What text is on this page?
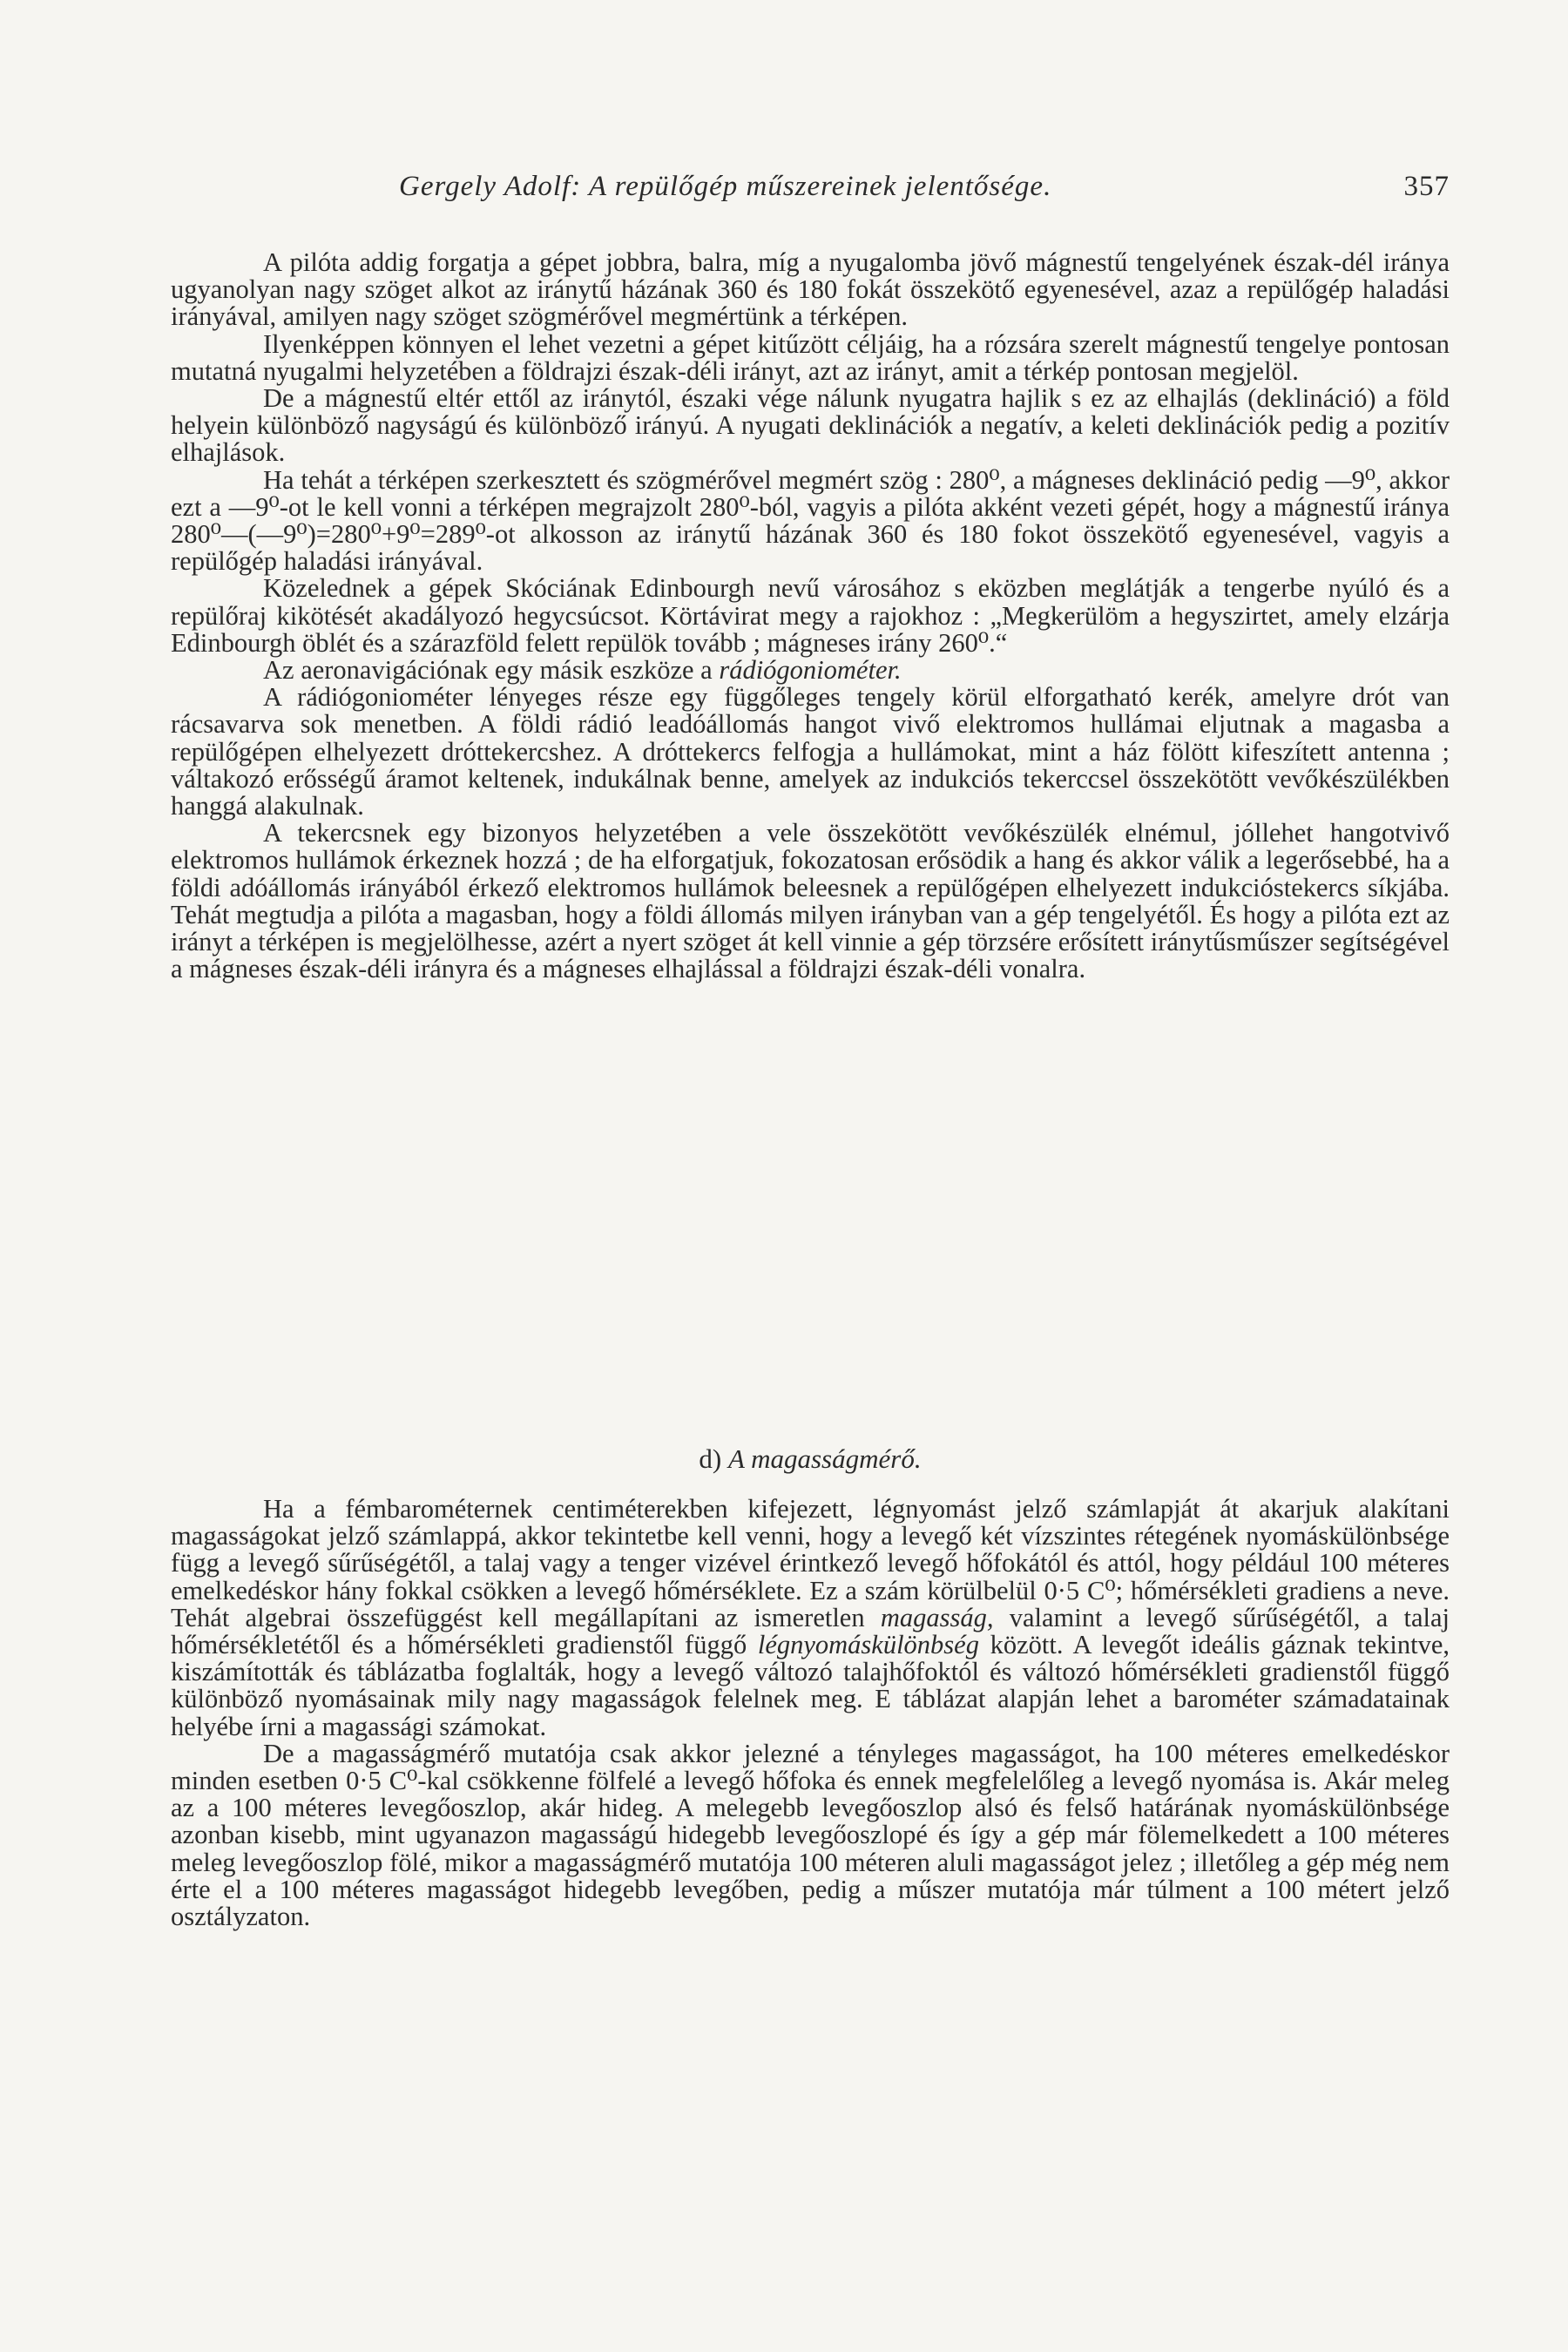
Gergely Adolf: A repülőgép műszereinek jelentősége.	357

A pilóta addig forgatja a gépet jobbra, balra, míg a nyugalomba jövő mágnestű tengelyének észak-dél iránya ugyanolyan nagy szöget alkot az iránytű házának 360 és 180 fokát összekötő egyenesével, azaz a repülőgép haladási irányával, amilyen nagy szöget szögmérővel megmértünk a térképen.

Ilyenképpen könnyen el lehet vezetni a gépet kitűzött céljáig, ha a rózsára szerelt mágnestű tengelye pontosan mutatná nyugalmi helyzetében a földrajzi észak-déli irányt, azt az irányt, amit a térkép pontosan megjelöl.

De a mágnestű eltér ettől az iránytól, északi vége nálunk nyugatra hajlik s ez az elhajlás (deklináció) a föld helyein különböző nagyságú és különböző irányú. A nyugati deklinációk a negatív, a keleti deklinációk pedig a pozitív elhajlások.

Ha tehát a térképen szerkesztett és szögmérővel megmért szög : 280⁰, a mágneses deklináció pedig —9⁰, akkor ezt a —9⁰-ot le kell vonni a térképen megrajzolt 280⁰-ból, vagyis a pilóta akként vezeti gépét, hogy a mágnestű iránya 280⁰—(—9⁰)=280⁰+9⁰=289⁰-ot alkosson az iránytű házának 360 és 180 fokot összekötő egyenesével, vagyis a repülőgép haladási irányával.

Közelednek a gépek Skóciának Edinbourgh nevű városához s eközben meglátják a tengerbe nyúló és a repülőraj kikötését akadályozó hegycsúcsot. Körtávirat megy a rajokhoz : „Megkerülöm a hegyszirtet, amely elzárja Edinbourgh öblét és a szárazföld felett repülök tovább ; mágneses irány 260⁰.“

Az aeronavigációnak egy másik eszköze a rádiógoniométer.

A rádiógoniométer lényeges része egy függőleges tengely körül elforgatható kerék, amelyre drót van rácsavarva sok menetben. A földi rádió leadóállomás hangot vivő elektromos hullámai eljutnak a magasba a repülőgépen elhelyezett dróttekercshez. A dróttekercs felfogja a hullámokat, mint a ház fölött kifeszített antenna ; váltakozó erősségű áramot keltenek, indukálnak benne, amelyek az indukciós tekerccsel összekötött vevőkészülékben hanggá alakulnak.

A tekercsnek egy bizonyos helyzetében a vele összekötött vevőkészülék elnémul, jóllehet hangotvivő elektromos hullámok érkeznek hozzá ; de ha elforgatjuk, fokozatosan erősödik a hang és akkor válik a legerősebbé, ha a földi adóállomás irányából érkező elektromos hullámok beleesnek a repülőgépen elhelyezett indukcióstekercs síkjába. Tehát megtudja a pilóta a magasban, hogy a földi állomás milyen irányban van a gép tengelyétől. És hogy a pilóta ezt az irányt a térképen is megjelölhesse, azért a nyert szöget át kell vinnie a gép törzsére erősített iránytűsműszer segítségével a mágneses észak-déli irányra és a mágneses elhajlással a földrajzi észak-déli vonalra.

d) A magasságmérő.

Ha a fémbarométernek centiméterekben kifejezett, légnyomást jelző számlapját át akarjuk alakítani magasságokat jelző számlappá, akkor tekintetbe kell venni, hogy a levegő két vízszintes rétegének nyomáskülönbsége függ a levegő sűrűségétől, a talaj vagy a tenger vizével érintkező levegő hőfokától és attól, hogy például 100 méteres emelkedéskor hány fokkal csökken a levegő hőmérséklete. Ez a szám körülbelül 0·5 C⁰; hőmérsékleti gradiens a neve. Tehát algebrai összefüggést kell megállapítani az ismeretlen magasság, valamint a levegő sűrűségétől, a talaj hőmérsékletétől és a hőmérsékleti gradienstől függő légnyomáskülönbség között. A levegőt ideális gáznak tekintve, kiszámították és táblázatba foglalták, hogy a levegő változó talajhőfoktól és változó hőmérsékleti gradienstől függő különböző nyomásainak mily nagy magasságok felelnek meg. E táblázat alapján lehet a barométer számadatainak helyébe írni a magassági számokat.

De a magasságmérő mutatója csak akkor jelezné a tényleges magasságot, ha 100 méteres emelkedéskor minden esetben 0·5 C⁰-kal csökkenne fölfelé a levegő hőfoka és ennek megfelelőleg a levegő nyomása is. Akár meleg az a 100 méteres levegőoszlop, akár hideg. A melegebb levegőoszlop alsó és felső határának nyomáskülönbsége azonban kisebb, mint ugyanazon magasságú hidegebb levegőoszlopé és így a gép már fölemelkedett a 100 méteres meleg levegőoszlop fölé, mikor a magasságmérő mutatója 100 méteren aluli magasságot jelez ; illetőleg a gép még nem érte el a 100 méteres magasságot hidegebb levegőben, pedig a műszer mutatója már túlment a 100 métert jelző osztályzaton.
